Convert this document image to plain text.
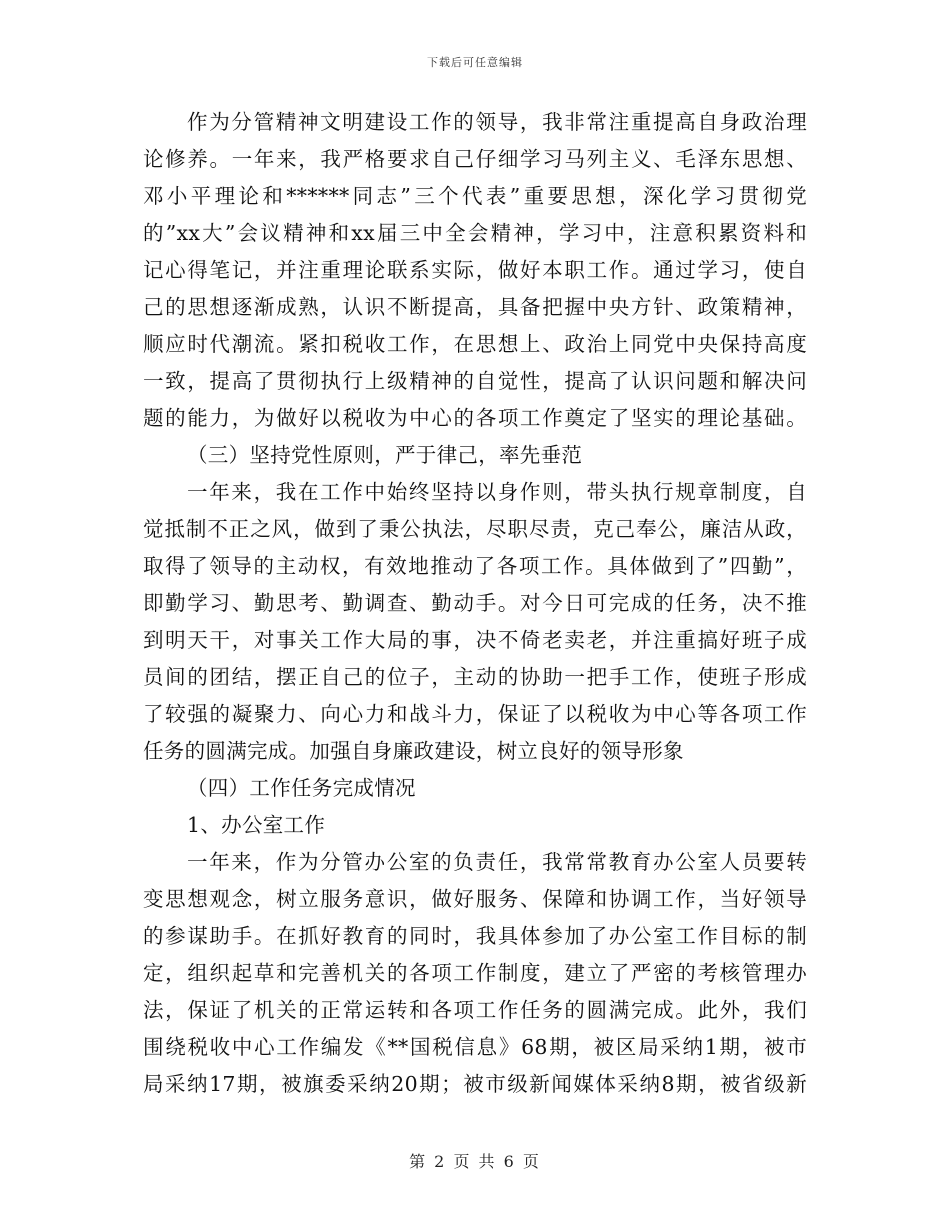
下载后可任意编辑
作为分管精神文明建设工作的领导，我非常注重提高自身政治理
论修养。一年来，我严格要求自己仔细学习马列主义、毛泽东思想、
邓小平理论和******同志”三个代表”重要思想，深化学习贯彻党
的”xx大”会议精神和xx届三中全会精神，学习中，注意积累资料和
记心得笔记，并注重理论联系实际，做好本职工作。通过学习，使自
己的思想逐渐成熟，认识不断提高，具备把握中央方针、政策精神，
顺应时代潮流。紧扣税收工作，在思想上、政治上同党中央保持高度
一致，提高了贯彻执行上级精神的自觉性，提高了认识问题和解决问
题的能力，为做好以税收为中心的各项工作奠定了坚实的理论基础。
（三）坚持党性原则，严于律己，率先垂范
一年来，我在工作中始终坚持以身作则，带头执行规章制度，自
觉抵制不正之风，做到了秉公执法，尽职尽责，克己奉公，廉洁从政，
取得了领导的主动权，有效地推动了各项工作。具体做到了”四勤”，
即勤学习、勤思考、勤调查、勤动手。对今日可完成的任务，决不推
到明天干，对事关工作大局的事，决不倚老卖老，并注重搞好班子成
员间的团结，摆正自己的位子，主动的协助一把手工作，使班子形成
了较强的凝聚力、向心力和战斗力，保证了以税收为中心等各项工作
任务的圆满完成。加强自身廉政建设，树立良好的领导形象
（四）工作任务完成情况
1、办公室工作
一年来，作为分管办公室的负责任，我常常教育办公室人员要转
变思想观念，树立服务意识，做好服务、保障和协调工作，当好领导
的参谋助手。在抓好教育的同时，我具体参加了办公室工作目标的制
定，组织起草和完善机关的各项工作制度，建立了严密的考核管理办
法，保证了机关的正常运转和各项工作任务的圆满完成。此外，我们
围绕税收中心工作编发《**国税信息》68期，被区局采纳1期，被市
局采纳17期，被旗委采纳20期；被市级新闻媒体采纳8期，被省级新
第 2 页 共 6 页
